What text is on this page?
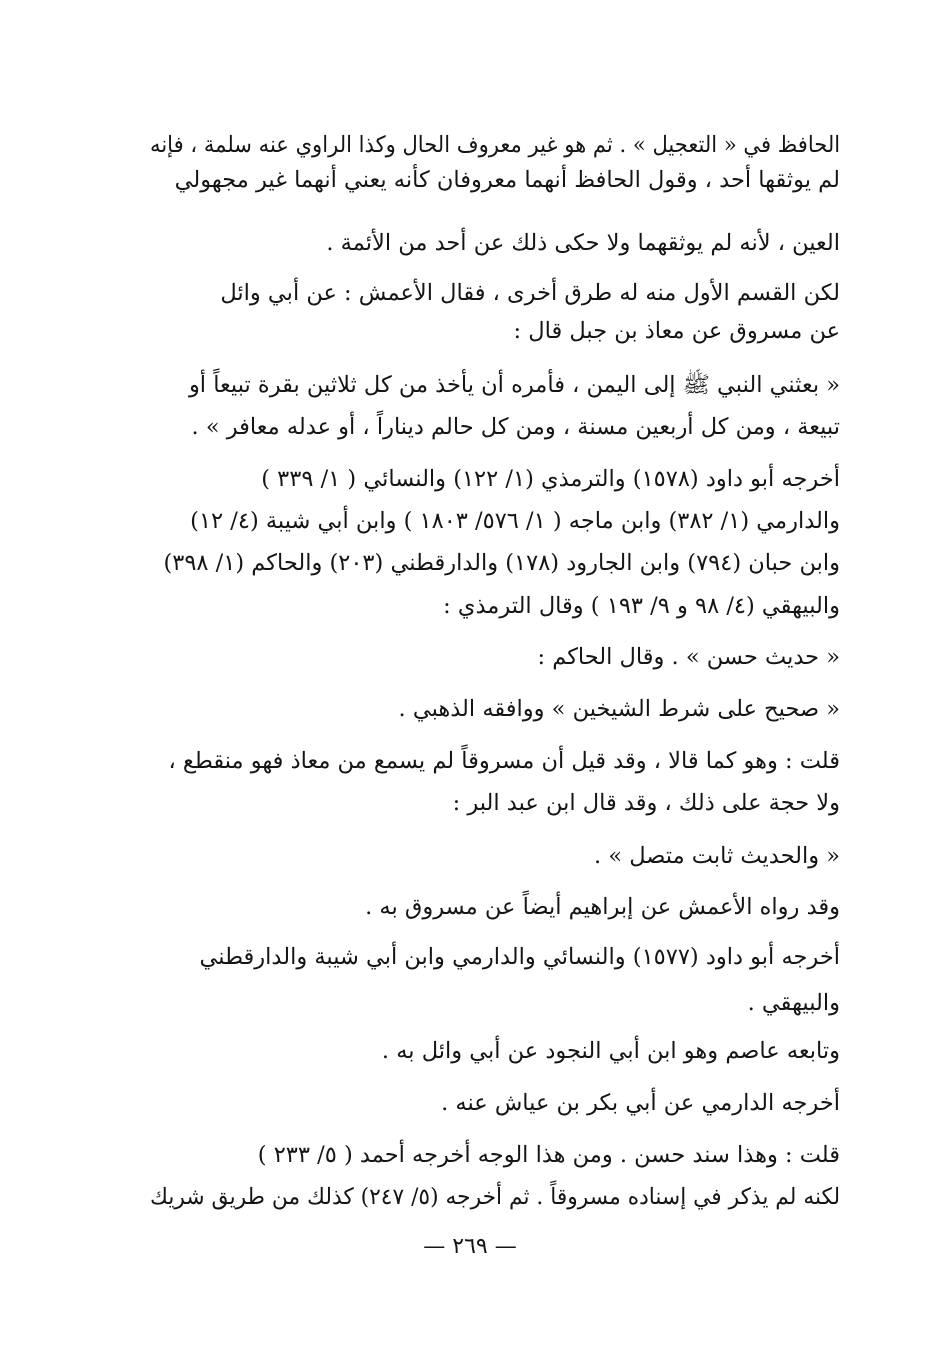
الحافظ في « التعجيل » . ثم هو غير معروف الحال وكذا الراوي عنه سلمة ، فإنه
لم يوثقها أحد ، وقول الحافظ أنهما معروفان كأنه يعني أنهما غير مجهولي
العين ، لأنه لم يوثقهما ولا حكى ذلك عن أحد من الأئمة .
لكن القسم الأول منه له طرق أخرى ، فقال الأعمش : عن أبي وائل
عن مسروق عن معاذ بن جبل قال :
« بعثني النبي ﷺ إلى اليمن ، فأمره أن يأخذ من كل ثلاثين بقرة تبيعاً أو
تبيعة ، ومن كل أربعين مسنة ، ومن كل حالم ديناراً ، أو عدله معافر » .
أخرجه أبو داود (١٥٧٨) والترمذي (١/ ١٢٢) والنسائي ( ١/ ٣٣٩ )
والدارمي (١/ ٣٨٢) وابن ماجه ( ١/ ٥٧٦/ ١٨٠٣ ) وابن أبي شيبة (٤/ ١٢)
وابن حبان (٧٩٤) وابن الجارود (١٧٨) والدارقطني (٢٠٣) والحاكم (١/ ٣٩٨)
والبيهقي (٤/ ٩٨ و ٩/ ١٩٣ ) وقال الترمذي :
« حديث حسن » . وقال الحاكم :
« صحيح على شرط الشيخين » ووافقه الذهبي .
قلت : وهو كما قالا ، وقد قيل أن مسروقاً لم يسمع من معاذ فهو منقطع ،
ولا حجة على ذلك ، وقد قال ابن عبد البر :
« والحديث ثابت متصل » .
وقد رواه الأعمش عن إبراهيم أيضاً عن مسروق به .
أخرجه أبو داود (١٥٧٧) والنسائي والدارمي وابن أبي شيبة والدارقطني
والبيهقي .
وتابعه عاصم وهو ابن أبي النجود عن أبي وائل به .
أخرجه الدارمي عن أبي بكر بن عياش عنه .
قلت : وهذا سند حسن . ومن هذا الوجه أخرجه أحمد ( ٥/ ٢٣٣ )
لكنه لم يذكر في إسناده مسروقاً . ثم أخرجه (٥/ ٢٤٧) كذلك من طريق شريك
— ٢٦٩ —
